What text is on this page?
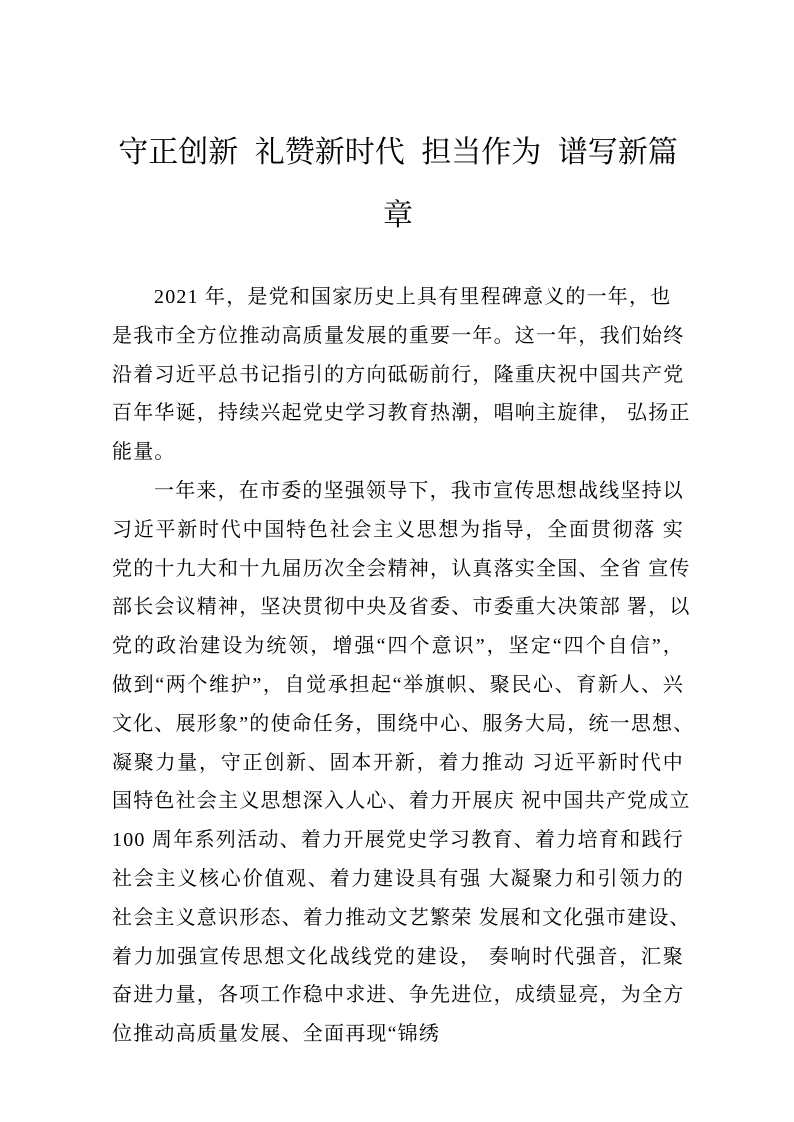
守正创新 礼赞新时代 担当作为 谱写新篇
章
2021 年，是党和国家历史上具有里程碑意义的一年，也
是我市全方位推动高质量发展的重要一年。这一年，我们始终
沿着习近平总书记指引的方向砥砺前行，隆重庆祝中国共产党
百年华诞，持续兴起党史学习教育热潮，唱响主旋律， 弘扬正
能量。
一年来，在市委的坚强领导下，我市宣传思想战线坚持以
习近平新时代中国特色社会主义思想为指导，全面贯彻落 实
党的十九大和十九届历次全会精神，认真落实全国、全省 宣传
部长会议精神，坚决贯彻中央及省委、市委重大决策部 署，以
党的政治建设为统领，增强“四个意识”，坚定“四个自信”，
做到“两个维护”，自觉承担起“举旗帜、聚民心、育新人、兴
文化、展形象”的使命任务，围绕中心、服务大局，统一思想、
凝聚力量，守正创新、固本开新，着力推动 习近平新时代中
国特色社会主义思想深入人心、着力开展庆 祝中国共产党成立
100 周年系列活动、着力开展党史学习教育、着力培育和践行
社会主义核心价值观、着力建设具有强 大凝聚力和引领力的
社会主义意识形态、着力推动文艺繁荣 发展和文化强市建设、
着力加强宣传思想文化战线党的建设， 奏响时代强音，汇聚
奋进力量，各项工作稳中求进、争先进位，成绩显亮，为全方
位推动高质量发展、全面再现“锦绣
